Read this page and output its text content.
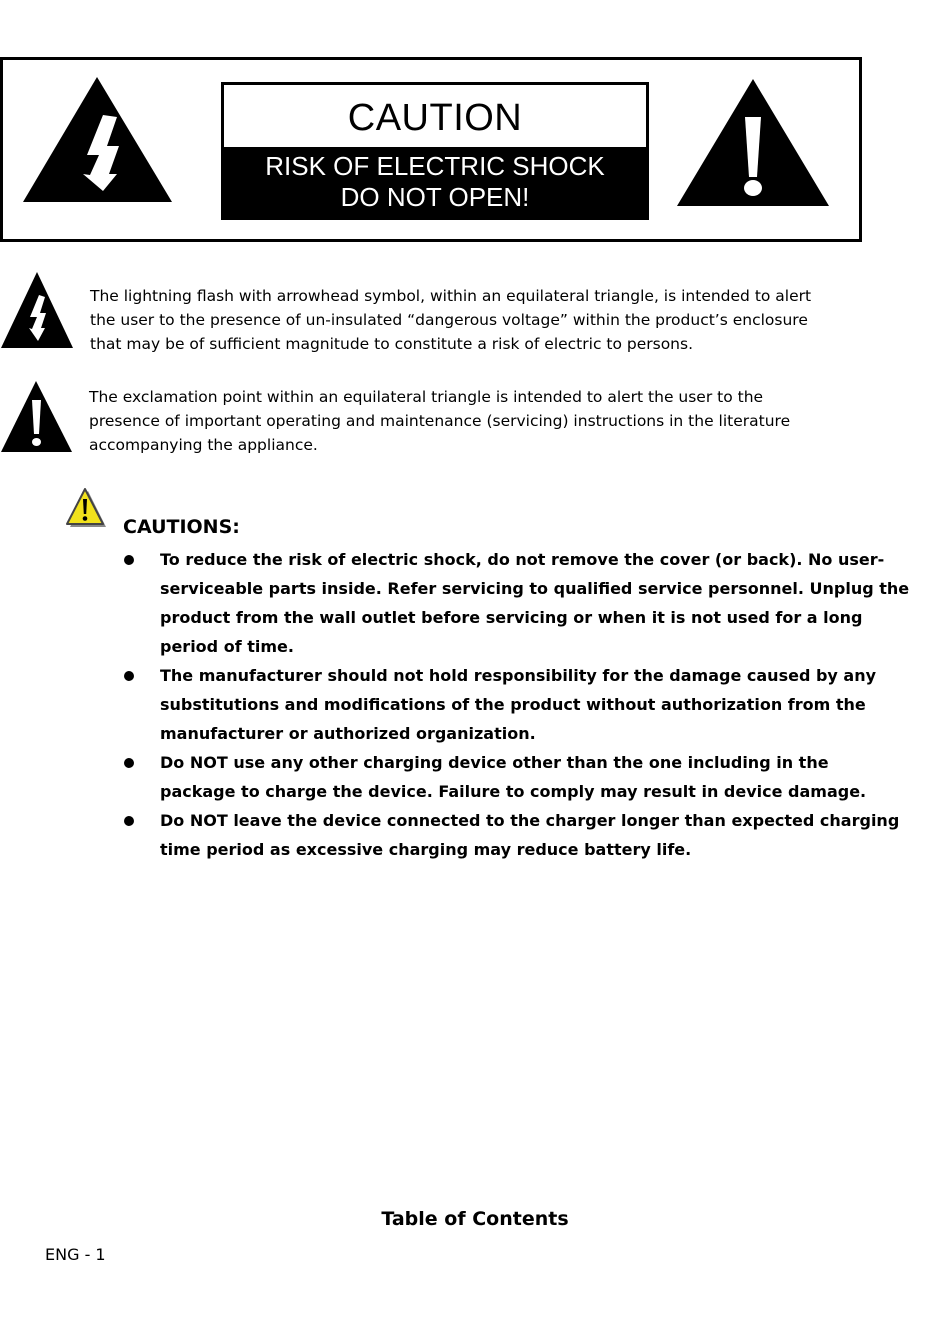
CAUTION
RISK OF ELECTRIC SHOCK
DO NOT OPEN!
The lightning flash with arrowhead symbol, within an equilateral triangle, is intended to alert
the user to the presence of un-insulated “dangerous voltage” within the product’s enclosure
that may be of sufficient magnitude to constitute a risk of electric to persons.
The exclamation point within an equilateral triangle is intended to alert the user to the
presence of important operating and maintenance (servicing) instructions in the literature
accompanying the appliance.
CAUTIONS:
To reduce the risk of electric shock, do not remove the cover (or back). No user-
serviceable parts inside. Refer servicing to qualified service personnel. Unplug the
product from the wall outlet before servicing or when it is not used for a long
period of time.
The manufacturer should not hold responsibility for the damage caused by any
substitutions and modifications of the product without authorization from the
manufacturer or authorized organization.
Do NOT use any other charging device other than the one including in the
package to charge the device. Failure to comply may result in device damage.
Do NOT leave the device connected to the charger longer than expected charging
time period as excessive charging may reduce battery life.
Table of Contents
ENG - 1
